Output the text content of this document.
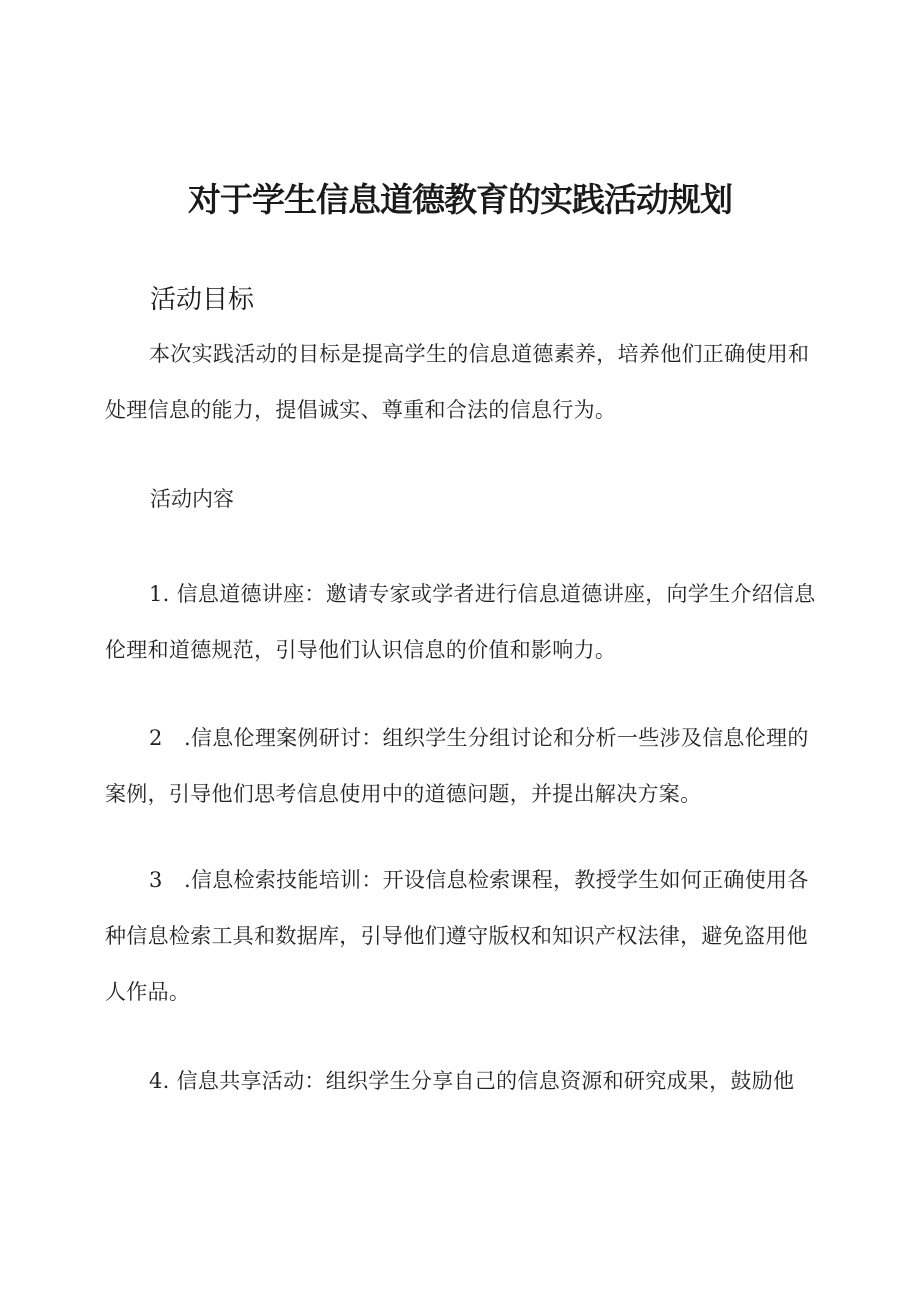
对于学生信息道德教育的实践活动规划
活动目标

本次实践活动的目标是提高学生的信息道德素养，培养他们正确使用和处理信息的能力，提倡诚实、尊重和合法的信息行为。

活动内容

1. 信息道德讲座：邀请专家或学者进行信息道德讲座，向学生介绍信息伦理和道德规范，引导他们认识信息的价值和影响力。

2　.信息伦理案例研讨：组织学生分组讨论和分析一些涉及信息伦理的案例，引导他们思考信息使用中的道德问题，并提出解决方案。

3　.信息检索技能培训：开设信息检索课程，教授学生如何正确使用各种信息检索工具和数据库，引导他们遵守版权和知识产权法律，避免盗用他人作品。

4. 信息共享活动：组织学生分享自己的信息资源和研究成果，鼓励他
